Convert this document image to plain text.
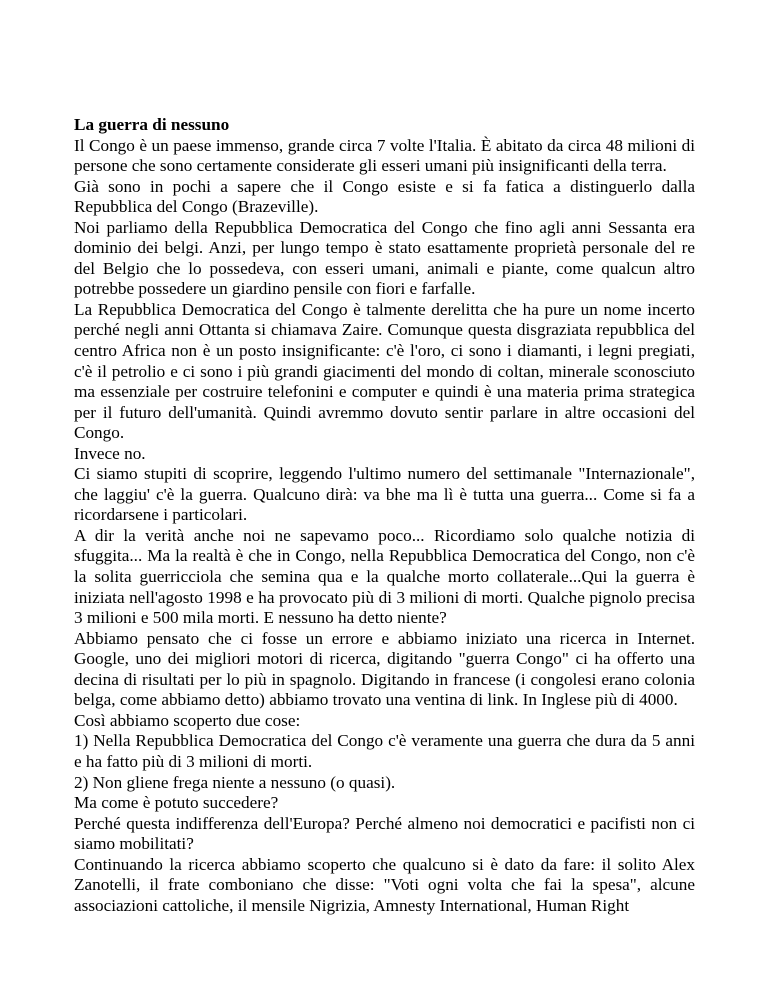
La guerra di nessuno

Il Congo è un paese immenso, grande circa 7 volte l'Italia. È abitato da circa 48 milioni di persone che sono certamente considerate gli esseri umani più insignificanti della terra.

Già sono in pochi a sapere che il Congo esiste e si fa fatica a distinguerlo dalla Repubblica del Congo (Brazeville).

Noi parliamo della Repubblica Democratica del Congo che fino agli anni Sessanta era dominio dei belgi. Anzi, per lungo tempo è stato esattamente proprietà personale del re del Belgio che lo possedeva, con esseri umani, animali e piante, come qualcun altro potrebbe possedere un giardino pensile con fiori e farfalle.

La Repubblica Democratica del Congo è talmente derelitta che ha pure un nome incerto perché negli anni Ottanta si chiamava Zaire. Comunque questa disgraziata repubblica del centro Africa non è un posto insignificante: c'è l'oro, ci sono i diamanti, i legni pregiati, c'è il petrolio e ci sono i più grandi giacimenti del mondo di coltan, minerale sconosciuto ma essenziale per costruire telefonini e computer e quindi è una materia prima strategica per il futuro dell'umanità. Quindi avremmo dovuto sentir parlare in altre occasioni del Congo.

Invece no.

Ci siamo stupiti di scoprire, leggendo l'ultimo numero del settimanale "Internazionale", che laggiu' c'è la guerra. Qualcuno dirà: va bhe ma lì è tutta una guerra... Come si fa a ricordarsene i particolari.

A dir la verità anche noi ne sapevamo poco... Ricordiamo solo qualche notizia di sfuggita... Ma la realtà è che in Congo, nella Repubblica Democratica del Congo, non c'è la solita guerricciola che semina qua e la qualche morto collaterale...Qui la guerra è iniziata nell'agosto 1998 e ha provocato più di 3 milioni di morti. Qualche pignolo precisa 3 milioni e 500 mila morti. E nessuno ha detto niente?

Abbiamo pensato che ci fosse un errore e abbiamo iniziato una ricerca in Internet. Google, uno dei migliori motori di ricerca, digitando "guerra Congo" ci ha offerto una decina di risultati per lo più in spagnolo. Digitando in francese (i congolesi erano colonia belga, come abbiamo detto) abbiamo trovato una ventina di link. In Inglese più di 4000.

Così abbiamo scoperto due cose:

1) Nella Repubblica Democratica del Congo c'è veramente una guerra che dura da 5 anni e ha fatto più di 3 milioni di morti.

2) Non gliene frega niente a nessuno (o quasi).

Ma come è potuto succedere?

Perché questa indifferenza dell'Europa? Perché almeno noi democratici e pacifisti non ci siamo mobilitati?

Continuando la ricerca abbiamo scoperto che qualcuno si è dato da fare: il solito Alex Zanotelli, il frate comboniano che disse: "Voti ogni volta che fai la spesa", alcune associazioni cattoliche, il mensile Nigrizia, Amnesty International, Human Right
